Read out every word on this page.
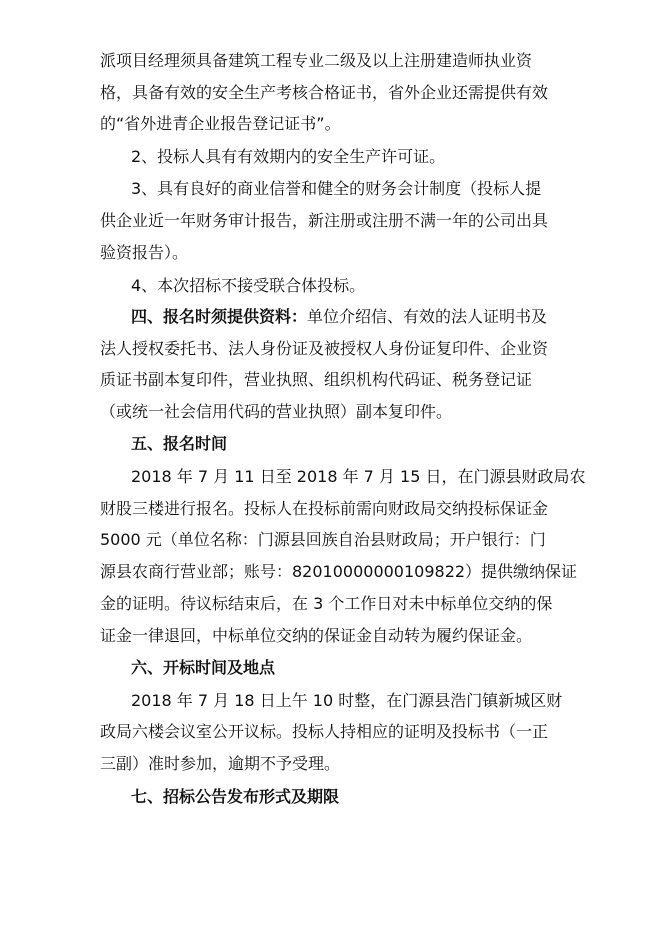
派项目经理须具备建筑工程专业二级及以上注册建造师执业资
格，具备有效的安全生产考核合格证书，省外企业还需提供有效
的“省外进青企业报告登记证书”。
2、投标人具有有效期内的安全生产许可证。
3、具有良好的商业信誉和健全的财务会计制度（投标人提
供企业近一年财务审计报告，新注册或注册不满一年的公司出具
验资报告）。
4、本次招标不接受联合体投标。
四、报名时须提供资料：单位介绍信、有效的法人证明书及
法人授权委托书、法人身份证及被授权人身份证复印件、企业资
质证书副本复印件，营业执照、组织机构代码证、税务登记证
（或统一社会信用代码的营业执照）副本复印件。
五、报名时间
2018 年 7 月 11 日至 2018 年 7 月 15 日，在门源县财政局农
财股三楼进行报名。投标人在投标前需向财政局交纳投标保证金
5000 元（单位名称：门源县回族自治县财政局；开户银行：门
源县农商行营业部；账号：82010000000109822）提供缴纳保证
金的证明。待议标结束后，在 3 个工作日对未中标单位交纳的保
证金一律退回，中标单位交纳的保证金自动转为履约保证金。
六、开标时间及地点
2018 年 7 月 18 日上午 10 时整，在门源县浩门镇新城区财
政局六楼会议室公开议标。投标人持相应的证明及投标书（一正
三副）准时参加，逾期不予受理。
七、招标公告发布形式及期限
